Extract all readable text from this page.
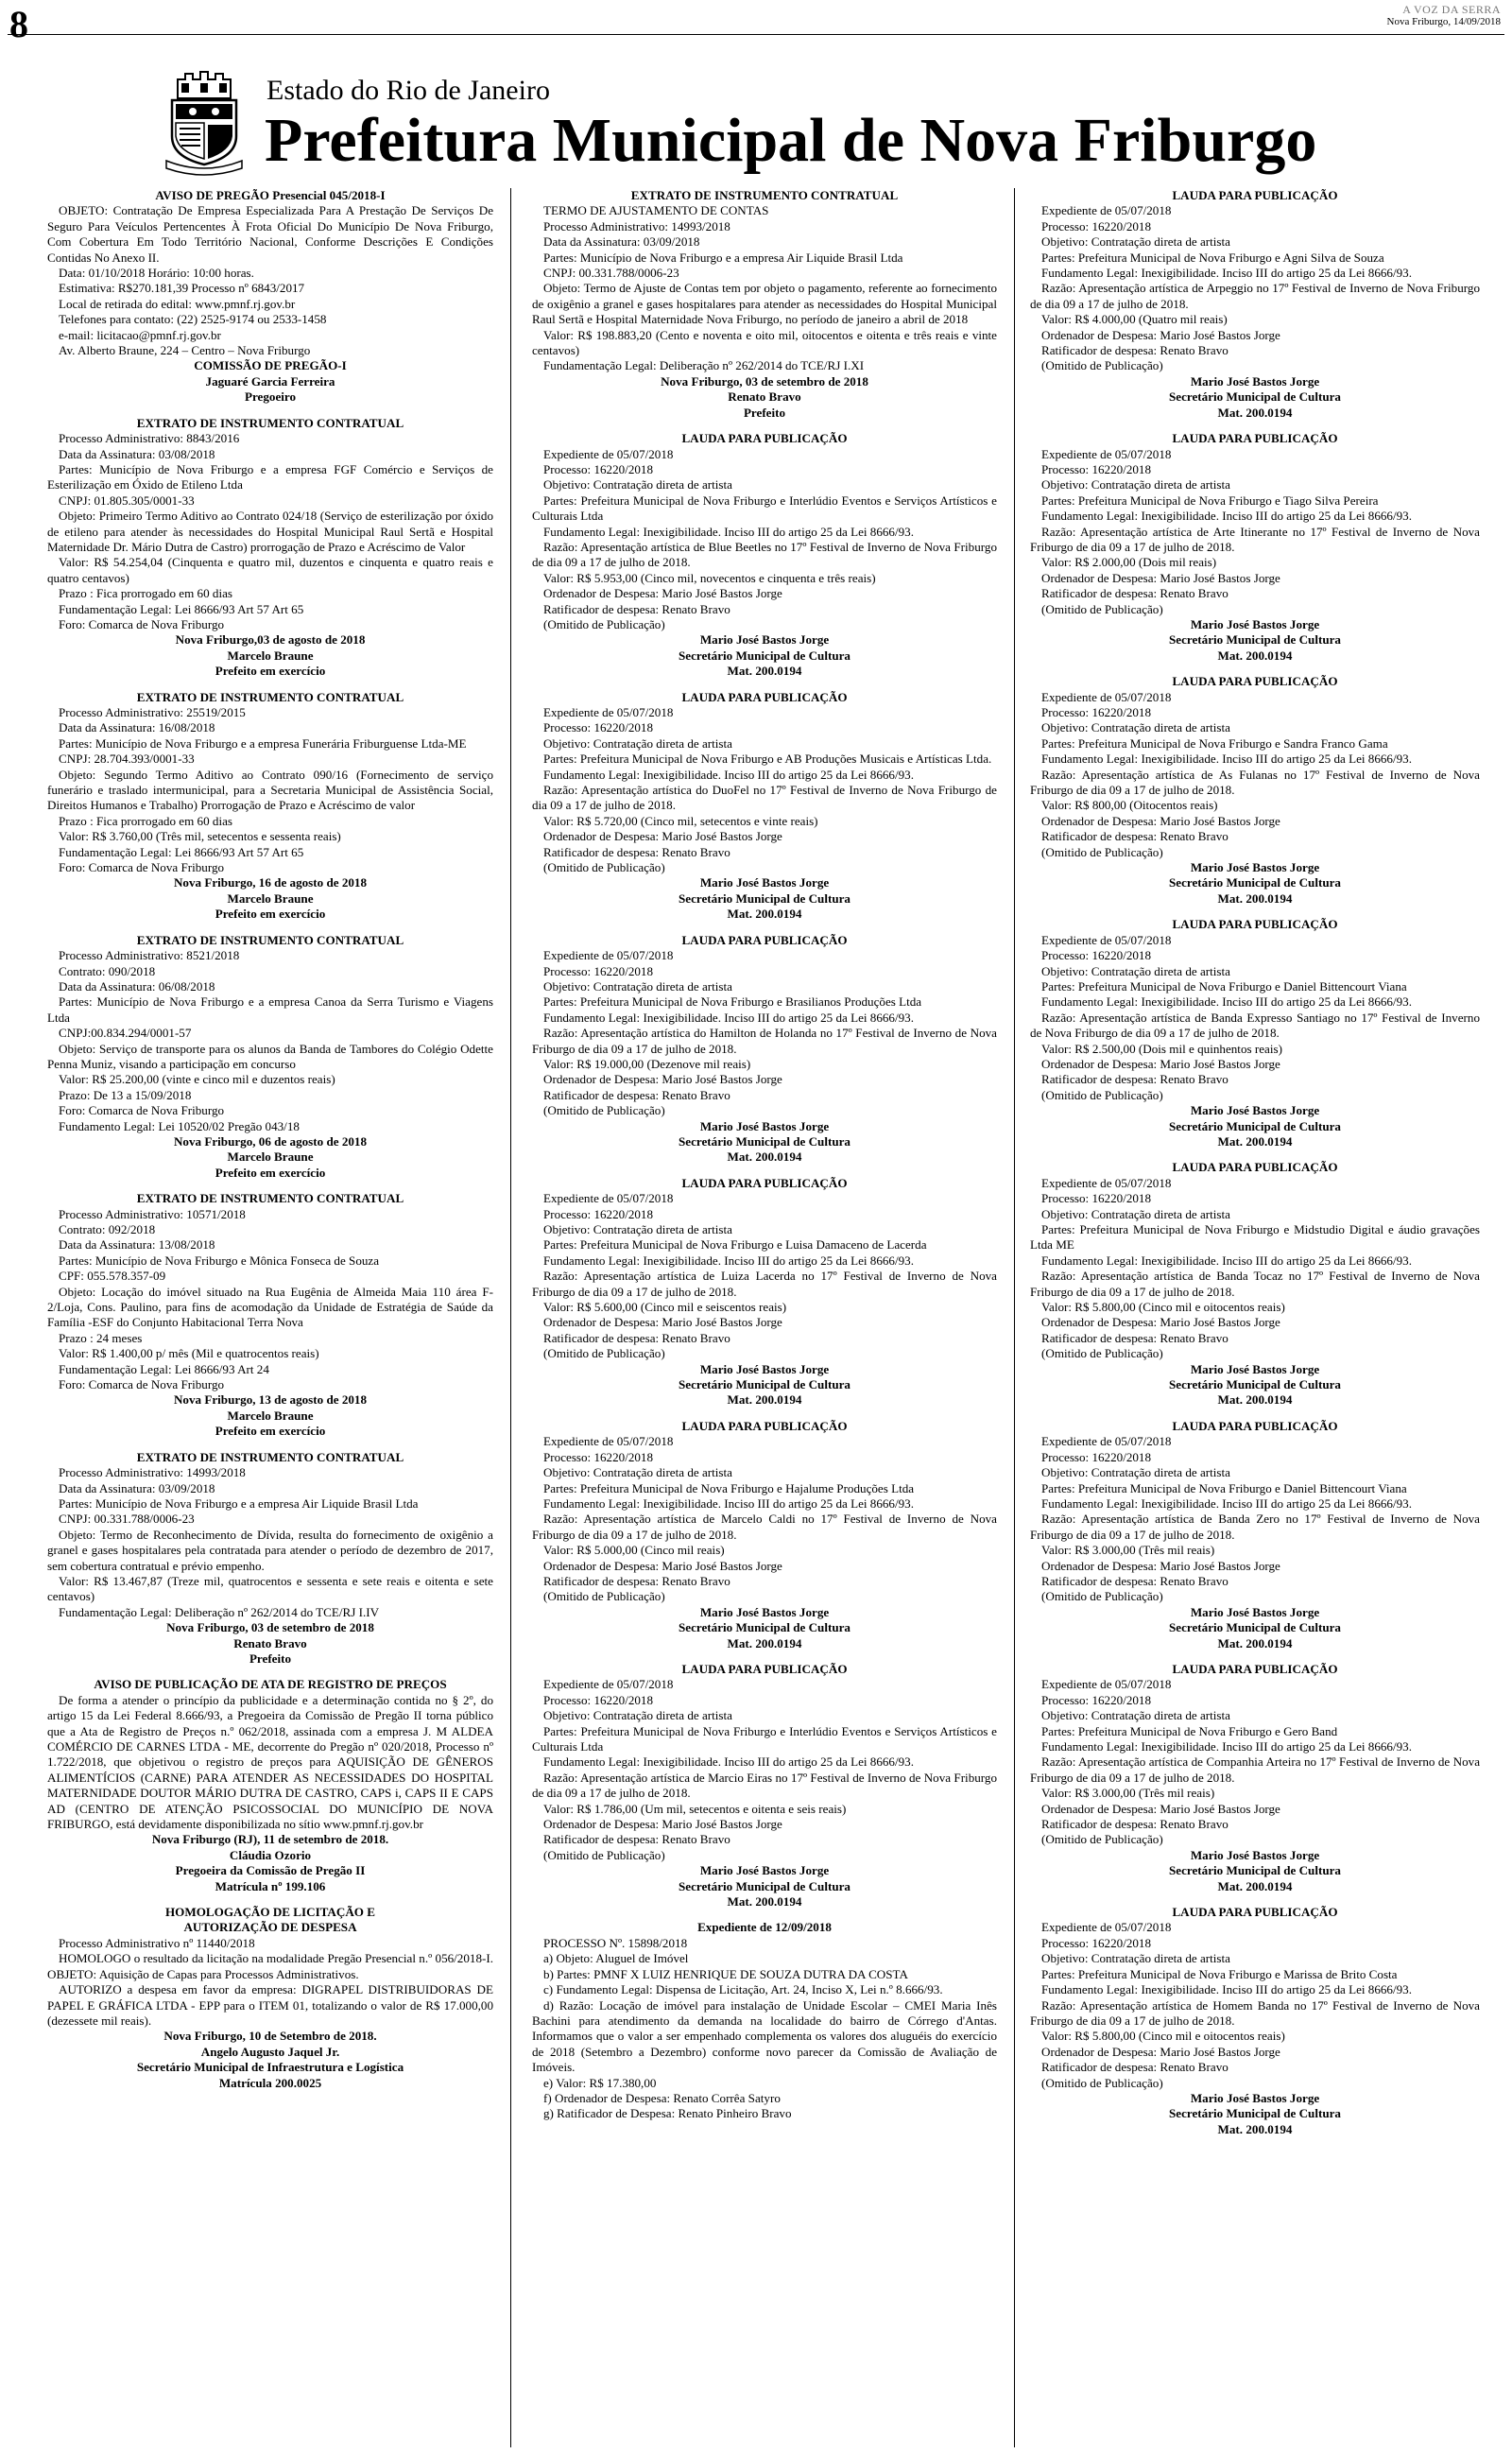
8	A VOZ DA SERRA
Nova Friburgo, 14/09/2018
Estado do Rio de Janeiro
Prefeitura Municipal de Nova Friburgo
AVISO DE PREGÃO Presencial 045/2018-I

OBJETO: Contratação De Empresa Especializada Para A Prestação De Serviços De Seguro Para Veículos Pertencentes À Frota Oficial Do Município De Nova Friburgo, Com Cobertura Em Todo Território Nacional, Conforme Descrições E Condições Contidas No Anexo II.

Data: 01/10/2018 Horário: 10:00 horas.

Estimativa: R$270.181,39 Processo nº 6843/2017

Local de retirada do edital: www.pmnf.rj.gov.br

Telefones para contato: (22) 2525-9174 ou 2533-1458

e-mail: licitacao@pmnf.rj.gov.br

Av. Alberto Braune, 224 – Centro – Nova Friburgo

COMISSÃO DE PREGÃO-I
Jaguaré Garcia Ferreira
Pregoeiro
EXTRATO DE INSTRUMENTO CONTRATUAL

Processo Administrativo: 8843/2016

Data da Assinatura: 03/08/2018

Partes: Município de Nova Friburgo e a empresa FGF Comércio e Serviços de Esterilização em Óxido de Etileno Ltda

CNPJ: 01.805.305/0001-33

Objeto: Primeiro Termo Aditivo ao Contrato 024/18 (Serviço de esterilização por óxido de etileno para atender às necessidades do Hospital Municipal Raul Sertã e Hospital Maternidade Dr. Mário Dutra de Castro) prorrogação de Prazo e Acréscimo de Valor

Valor: R$ 54.254,04 (Cinquenta e quatro mil, duzentos e cinquenta e quatro reais e quatro centavos)

Prazo : Fica prorrogado em 60 dias

Fundamentação Legal: Lei 8666/93 Art 57 Art 65

Foro: Comarca de Nova Friburgo

Nova Friburgo,03 de agosto de 2018
Marcelo Braune
Prefeito em exercício
EXTRATO DE INSTRUMENTO CONTRATUAL

Processo Administrativo: 25519/2015

Data da Assinatura: 16/08/2018

Partes: Município de Nova Friburgo e a empresa Funerária Friburguense Ltda-ME

CNPJ: 28.704.393/0001-33

Objeto: Segundo Termo Aditivo ao Contrato 090/16 (Fornecimento de serviço funerário e traslado intermunicipal, para a Secretaria Municipal de Assistência Social, Direitos Humanos e Trabalho) Prorrogação de Prazo e Acréscimo de valor

Prazo : Fica prorrogado em 60 dias

Valor: R$ 3.760,00 (Três mil, setecentos e sessenta reais)

Fundamentação Legal: Lei 8666/93 Art 57 Art 65

Foro: Comarca de Nova Friburgo

Nova Friburgo, 16 de agosto de 2018
Marcelo Braune
Prefeito em exercício
EXTRATO DE INSTRUMENTO CONTRATUAL

Processo Administrativo: 8521/2018

Contrato: 090/2018

Data da Assinatura: 06/08/2018

Partes: Município de Nova Friburgo e a empresa Canoa da Serra Turismo e Viagens Ltda

CNPJ:00.834.294/0001-57

Objeto: Serviço de transporte para os alunos da Banda de Tambores do Colégio Odette Penna Muniz, visando a participação em concurso

Valor: R$ 25.200,00 (vinte e cinco mil e duzentos reais)

Prazo: De 13 a 15/09/2018

Foro: Comarca de Nova Friburgo

Fundamento Legal: Lei 10520/02 Pregão 043/18

Nova Friburgo, 06 de agosto de 2018
Marcelo Braune
Prefeito em exercício
EXTRATO DE INSTRUMENTO CONTRATUAL

Processo Administrativo: 10571/2018

Contrato: 092/2018

Data da Assinatura: 13/08/2018

Partes: Município de Nova Friburgo e Mônica Fonseca de Souza

CPF: 055.578.357-09

Objeto: Locação do imóvel situado na Rua Eugênia de Almeida Maia 110 área F-2/Loja, Cons. Paulino, para fins de acomodação da Unidade de Estratégia de Saúde da Família -ESF do Conjunto Habitacional Terra Nova

Prazo : 24 meses

Valor: R$ 1.400,00 p/ mês (Mil e quatrocentos reais)

Fundamentação Legal: Lei 8666/93 Art 24

Foro: Comarca de Nova Friburgo

Nova Friburgo, 13 de agosto de 2018
Marcelo Braune
Prefeito em exercício
EXTRATO DE INSTRUMENTO CONTRATUAL

Processo Administrativo: 14993/2018

Data da Assinatura: 03/09/2018

Partes: Município de Nova Friburgo e a empresa Air Liquide Brasil Ltda

CNPJ: 00.331.788/0006-23

Objeto: Termo de Reconhecimento de Dívida, resulta do fornecimento de oxigênio a granel e gases hospitalares pela contratada para atender o período de dezembro de 2017, sem cobertura contratual e prévio empenho.

Valor: R$ 13.467,87 (Treze mil, quatrocentos e sessenta e sete reais e oitenta e sete centavos)

Fundamentação Legal: Deliberação nº 262/2014 do TCE/RJ I.IV

Nova Friburgo, 03 de setembro de 2018
Renato Bravo
Prefeito
AVISO DE PUBLICAÇÃO DE ATA DE REGISTRO DE PREÇOS

De forma a atender o princípio da publicidade e a determinação contida no § 2º, do artigo 15 da Lei Federal 8.666/93, a Pregoeira da Comissão de Pregão II torna público que a Ata de Registro de Preços n.º 062/2018, assinada com a empresa J. M ALDEA COMÉRCIO DE CARNES LTDA - ME, decorrente do Pregão nº 020/2018, Processo nº 1.722/2018, que objetivou o registro de preços para AQUISIÇÃO DE GÊNEROS ALIMENTÍCIOS (CARNE) PARA ATENDER AS NECESSIDADES DO HOSPITAL MATERNIDADE DOUTOR MÁRIO DUTRA DE CASTRO, CAPS i, CAPS II E CAPS AD (CENTRO DE ATENÇÃO PSICOSSOCIAL DO MUNICÍPIO DE NOVA FRIBURGO, está devidamente disponibilizada no sítio www.pmnf.rj.gov.br

Nova Friburgo (RJ), 11 de setembro de 2018.
Cláudia Ozorio
Pregoeira da Comissão de Pregão II
Matrícula nº 199.106
HOMOLOGAÇÃO DE LICITAÇÃO E
AUTORIZAÇÃO DE DESPESA

Processo Administrativo nº 11440/2018

HOMOLOGO o resultado da licitação na modalidade Pregão Presencial n.º 056/2018-I. OBJETO: Aquisição de Capas para Processos Administrativos.

AUTORIZO a despesa em favor da empresa: DIGRAPEL DISTRIBUIDORAS DE PAPEL E GRÁFICA LTDA - EPP para o ITEM 01, totalizando o valor de R$ 17.000,00 (dezessete mil reais).

Nova Friburgo, 10 de Setembro de 2018.
Angelo Augusto Jaquel Jr.
Secretário Municipal de Infraestrutura e Logística
Matrícula 200.0025
EXTRATO DE INSTRUMENTO CONTRATUAL

TERMO DE AJUSTAMENTO DE CONTAS

Processo Administrativo: 14993/2018

Data da Assinatura: 03/09/2018

Partes: Município de Nova Friburgo e a empresa Air Liquide Brasil Ltda

CNPJ: 00.331.788/0006-23

Objeto: Termo de Ajuste de Contas tem por objeto o pagamento, referente ao fornecimento de oxigênio a granel e gases hospitalares para atender as necessidades do Hospital Municipal Raul Sertã e Hospital Maternidade Nova Friburgo, no período de janeiro a abril de 2018

Valor: R$ 198.883,20 (Cento e noventa e oito mil, oitocentos e oitenta e três reais e vinte centavos)

Fundamentação Legal: Deliberação nº 262/2014 do TCE/RJ I.XI

Nova Friburgo, 03 de setembro de 2018
Renato Bravo
Prefeito
LAUDA PARA PUBLICAÇÃO

Expediente de 05/07/2018

Processo: 16220/2018

Objetivo: Contratação direta de artista

Partes: Prefeitura Municipal de Nova Friburgo e Interlúdio Eventos e Serviços Artísticos e Culturais Ltda

Fundamento Legal: Inexigibilidade. Inciso III do artigo 25 da Lei 8666/93.

Razão: Apresentação artística de Blue Beetles no 17º Festival de Inverno de Nova Friburgo de dia 09 a 17 de julho de 2018.

Valor: R$ 5.953,00 (Cinco mil, novecentos e cinquenta e três reais)

Ordenador de Despesa: Mario José Bastos Jorge

Ratificador de despesa: Renato Bravo

(Omitido de Publicação)

Mario José Bastos Jorge
Secretário Municipal de Cultura
Mat. 200.0194
LAUDA PARA PUBLICAÇÃO

Expediente de 05/07/2018

Processo: 16220/2018

Objetivo: Contratação direta de artista

Partes: Prefeitura Municipal de Nova Friburgo e AB Produções Musicais e Artísticas Ltda.

Fundamento Legal: Inexigibilidade. Inciso III do artigo 25 da Lei 8666/93.

Razão: Apresentação artística do DuoFel no 17º Festival de Inverno de Nova Friburgo de dia 09 a 17 de julho de 2018.

Valor: R$ 5.720,00 (Cinco mil, setecentos e vinte reais)

Ordenador de Despesa: Mario José Bastos Jorge

Ratificador de despesa: Renato Bravo

(Omitido de Publicação)

Mario José Bastos Jorge
Secretário Municipal de Cultura
Mat. 200.0194
LAUDA PARA PUBLICAÇÃO

Expediente de 05/07/2018

Processo: 16220/2018

Objetivo: Contratação direta de artista

Partes: Prefeitura Municipal de Nova Friburgo e Brasilianos Produções Ltda

Fundamento Legal: Inexigibilidade. Inciso III do artigo 25 da Lei 8666/93.

Razão: Apresentação artística do Hamilton de Holanda no 17º Festival de Inverno de Nova Friburgo de dia 09 a 17 de julho de 2018.

Valor: R$ 19.000,00 (Dezenove mil reais)

Ordenador de Despesa: Mario José Bastos Jorge

Ratificador de despesa: Renato Bravo

(Omitido de Publicação)

Mario José Bastos Jorge
Secretário Municipal de Cultura
Mat. 200.0194
LAUDA PARA PUBLICAÇÃO

Expediente de 05/07/2018

Processo: 16220/2018

Objetivo: Contratação direta de artista

Partes: Prefeitura Municipal de Nova Friburgo e Luisa Damaceno de Lacerda

Fundamento Legal: Inexigibilidade. Inciso III do artigo 25 da Lei 8666/93.

Razão: Apresentação artística de Luiza Lacerda no 17º Festival de Inverno de Nova Friburgo de dia 09 a 17 de julho de 2018.

Valor: R$ 5.600,00 (Cinco mil e seiscentos reais)

Ordenador de Despesa: Mario José Bastos Jorge

Ratificador de despesa: Renato Bravo

(Omitido de Publicação)

Mario José Bastos Jorge
Secretário Municipal de Cultura
Mat. 200.0194
LAUDA PARA PUBLICAÇÃO

Expediente de 05/07/2018

Processo: 16220/2018

Objetivo: Contratação direta de artista

Partes: Prefeitura Municipal de Nova Friburgo e Hajalume Produções Ltda

Fundamento Legal: Inexigibilidade. Inciso III do artigo 25 da Lei 8666/93.

Razão: Apresentação artística de Marcelo Caldi no 17º Festival de Inverno de Nova Friburgo de dia 09 a 17 de julho de 2018.

Valor: R$ 5.000,00 (Cinco mil reais)

Ordenador de Despesa: Mario José Bastos Jorge

Ratificador de despesa: Renato Bravo

(Omitido de Publicação)

Mario José Bastos Jorge
Secretário Municipal de Cultura
Mat. 200.0194
LAUDA PARA PUBLICAÇÃO

Expediente de 05/07/2018

Processo: 16220/2018

Objetivo: Contratação direta de artista

Partes: Prefeitura Municipal de Nova Friburgo e Interlúdio Eventos e Serviços Artísticos e Culturais Ltda

Fundamento Legal: Inexigibilidade. Inciso III do artigo 25 da Lei 8666/93.

Razão: Apresentação artística de Marcio Eiras no 17º Festival de Inverno de Nova Friburgo de dia 09 a 17 de julho de 2018.

Valor: R$ 1.786,00 (Um mil, setecentos e oitenta e seis reais)

Ordenador de Despesa: Mario José Bastos Jorge

Ratificador de despesa: Renato Bravo

(Omitido de Publicação)

Mario José Bastos Jorge
Secretário Municipal de Cultura
Mat. 200.0194
Expediente de 12/09/2018

PROCESSO Nº. 15898/2018

a) Objeto: Aluguel de Imóvel

b) Partes: PMNF X LUIZ HENRIQUE DE SOUZA DUTRA DA COSTA

c) Fundamento Legal: Dispensa de Licitação, Art. 24, Inciso X, Lei n.º 8.666/93.

d) Razão: Locação de imóvel para instalação de Unidade Escolar – CMEI Maria Inês Bachini para atendimento da demanda na localidade do bairro de Córrego d'Antas. Informamos que o valor a ser empenhado complementa os valores dos aluguéis do exercício de 2018 (Setembro a Dezembro) conforme novo parecer da Comissão de Avaliação de Imóveis.

e) Valor: R$ 17.380,00

f) Ordenador de Despesa: Renato Corrêa Satyro

g) Ratificador de Despesa: Renato Pinheiro Bravo

LAUDA PARA PUBLICAÇÃO

Expediente de 05/07/2018

Processo: 16220/2018

Objetivo: Contratação direta de artista

Partes: Prefeitura Municipal de Nova Friburgo e Agni Silva de Souza

Fundamento Legal: Inexigibilidade. Inciso III do artigo 25 da Lei 8666/93.

Razão: Apresentação artística de Arpeggio no 17º Festival de Inverno de Nova Friburgo de dia 09 a 17 de julho de 2018.

Valor: R$ 4.000,00 (Quatro mil reais)

Ordenador de Despesa: Mario José Bastos Jorge

Ratificador de despesa: Renato Bravo

(Omitido de Publicação)

Mario José Bastos Jorge
Secretário Municipal de Cultura
Mat. 200.0194
LAUDA PARA PUBLICAÇÃO

Expediente de 05/07/2018

Processo: 16220/2018

Objetivo: Contratação direta de artista

Partes: Prefeitura Municipal de Nova Friburgo e Tiago Silva Pereira

Fundamento Legal: Inexigibilidade. Inciso III do artigo 25 da Lei 8666/93.

Razão: Apresentação artística de Arte Itinerante no 17º Festival de Inverno de Nova Friburgo de dia 09 a 17 de julho de 2018.

Valor: R$ 2.000,00 (Dois mil reais)

Ordenador de Despesa: Mario José Bastos Jorge

Ratificador de despesa: Renato Bravo

(Omitido de Publicação)

Mario José Bastos Jorge
Secretário Municipal de Cultura
Mat. 200.0194
LAUDA PARA PUBLICAÇÃO

Expediente de 05/07/2018

Processo: 16220/2018

Objetivo: Contratação direta de artista

Partes: Prefeitura Municipal de Nova Friburgo e Sandra Franco Gama

Fundamento Legal: Inexigibilidade. Inciso III do artigo 25 da Lei 8666/93.

Razão: Apresentação artística de As Fulanas no 17º Festival de Inverno de Nova Friburgo de dia 09 a 17 de julho de 2018.

Valor: R$ 800,00 (Oitocentos reais)

Ordenador de Despesa: Mario José Bastos Jorge

Ratificador de despesa: Renato Bravo

(Omitido de Publicação)

Mario José Bastos Jorge
Secretário Municipal de Cultura
Mat. 200.0194
LAUDA PARA PUBLICAÇÃO

Expediente de 05/07/2018

Processo: 16220/2018

Objetivo: Contratação direta de artista

Partes: Prefeitura Municipal de Nova Friburgo e Daniel Bittencourt Viana

Fundamento Legal: Inexigibilidade. Inciso III do artigo 25 da Lei 8666/93.

Razão: Apresentação artística de Banda Expresso Santiago no 17º Festival de Inverno de Nova Friburgo de dia 09 a 17 de julho de 2018.

Valor: R$ 2.500,00 (Dois mil e quinhentos reais)

Ordenador de Despesa: Mario José Bastos Jorge

Ratificador de despesa: Renato Bravo

(Omitido de Publicação)

Mario José Bastos Jorge
Secretário Municipal de Cultura
Mat. 200.0194
LAUDA PARA PUBLICAÇÃO

Expediente de 05/07/2018

Processo: 16220/2018

Objetivo: Contratação direta de artista

Partes: Prefeitura Municipal de Nova Friburgo e Midstudio Digital e áudio gravações Ltda ME

Fundamento Legal: Inexigibilidade. Inciso III do artigo 25 da Lei 8666/93.

Razão: Apresentação artística de Banda Tocaz no 17º Festival de Inverno de Nova Friburgo de dia 09 a 17 de julho de 2018.

Valor: R$ 5.800,00 (Cinco mil e oitocentos reais)

Ordenador de Despesa: Mario José Bastos Jorge

Ratificador de despesa: Renato Bravo

(Omitido de Publicação)

Mario José Bastos Jorge
Secretário Municipal de Cultura
Mat. 200.0194
LAUDA PARA PUBLICAÇÃO

Expediente de 05/07/2018

Processo: 16220/2018

Objetivo: Contratação direta de artista

Partes: Prefeitura Municipal de Nova Friburgo e Daniel Bittencourt Viana

Fundamento Legal: Inexigibilidade. Inciso III do artigo 25 da Lei 8666/93.

Razão: Apresentação artística de Banda Zero no 17º Festival de Inverno de Nova Friburgo de dia 09 a 17 de julho de 2018.

Valor: R$ 3.000,00 (Três mil reais)

Ordenador de Despesa: Mario José Bastos Jorge

Ratificador de despesa: Renato Bravo

(Omitido de Publicação)

Mario José Bastos Jorge
Secretário Municipal de Cultura
Mat. 200.0194
LAUDA PARA PUBLICAÇÃO

Expediente de 05/07/2018

Processo: 16220/2018

Objetivo: Contratação direta de artista

Partes: Prefeitura Municipal de Nova Friburgo e Gero Band

Fundamento Legal: Inexigibilidade. Inciso III do artigo 25 da Lei 8666/93.

Razão: Apresentação artística de Companhia Arteira no 17º Festival de Inverno de Nova Friburgo de dia 09 a 17 de julho de 2018.

Valor: R$ 3.000,00 (Três mil reais)

Ordenador de Despesa: Mario José Bastos Jorge

Ratificador de despesa: Renato Bravo

(Omitido de Publicação)

Mario José Bastos Jorge
Secretário Municipal de Cultura
Mat. 200.0194
LAUDA PARA PUBLICAÇÃO

Expediente de 05/07/2018

Processo: 16220/2018

Objetivo: Contratação direta de artista

Partes: Prefeitura Municipal de Nova Friburgo e Marissa de Brito Costa

Fundamento Legal: Inexigibilidade. Inciso III do artigo 25 da Lei 8666/93.

Razão: Apresentação artística de Homem Banda no 17º Festival de Inverno de Nova Friburgo de dia 09 a 17 de julho de 2018.

Valor: R$ 5.800,00 (Cinco mil e oitocentos reais)

Ordenador de Despesa: Mario José Bastos Jorge

Ratificador de despesa: Renato Bravo

(Omitido de Publicação)

Mario José Bastos Jorge
Secretário Municipal de Cultura
Mat. 200.0194
